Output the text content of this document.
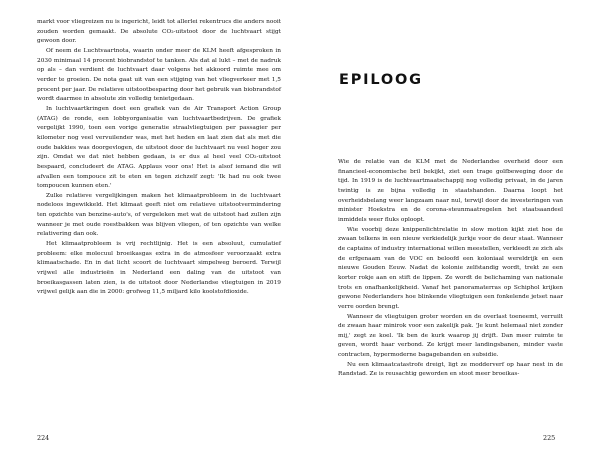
markt voor vliegreizen nu is ingericht, leidt tot allerlei rekentrucs die anders nooit zouden worden gemaakt. De absolute CO₂-uitstoot door de luchtvaart stijgt gewoon door.

Of neem de Luchtvaartnota, waarin onder meer de KLM heeft afgesproken in 2030 minimaal 14 procent biobrandstof te tanken. Als dat al lukt – met de nadruk op als – dan verdient de luchtvaart daar volgens het akkoord ruimte mee om verder te groeien. De nota gaat uit van een stijging van het vliegverkeer met 1,5 procent per jaar. De relatieve uitstootbesparing door het gebruik van biobrandstof wordt daarmee in absolute zin volledig tenietgedaan.

In luchtvaartkringen doet een grafiek van de Air Transport Action Group (ATAG) de ronde, een lobbyorganisatie van luchtvaartbedrijven. De grafiek vergelijkt 1990, toen een vorige generatie straalvliegtuigen per passagier per kilometer nog veel vervuilender was, met het heden en laat zien dat als met die oude bakkies was doorgevlogen, de uitstoot door de luchtvaart nu veel hoger zou zijn. Omdat we dat niet hebben gedaan, is er dus al heel veel CO₂-uitstoot bespaard, concludeert de ATAG. Applaus voor ons! Het is alsof iemand die wil afvallen een tompouce zit te eten en tegen zichzelf zegt: 'Ik had nu ook twee tompoucen kunnen eten.'

Zulke relatieve vergelijkingen maken het klimaatprobleem in de luchtvaart nodeloos ingewikkeld. Het klimaat geeft niet om relatieve uitstootvermindering ten opzichte van benzine-auto's, of vergeleken met wat de uitstoot had zullen zijn wanneer je met oude roestbakken was blijven vliegen, of ten opzichte van welke relativering dan ook.

Het klimaatprobleem is vrij rechtlijnig. Het is een absoluut, cumulatief probleem: elke molecuul broeikasgas extra in de atmosfeer veroorzaakt extra klimaatschade. En in dat licht scoort de luchtvaart simpelweg beroerd. Terwijl vrijwel alle industrieën in Nederland een daling van de uitstoot van broeikasgassen laten zien, is de uitstoot door Nederlandse vliegtuigen in 2019 vrijwel gelijk aan die in 2000: grofweg 11,5 miljard kilo koolstofdioxide.

224
EPILOOG

Wie de relatie van de KLM met de Nederlandse overheid door een financieel-economische bril bekijkt, ziet een trage golfbeweging door de tijd. In 1919 is de luchtvaartmaatschappij nog volledig privaat, in de jaren twintig is ze bijna volledig in staatshanden. Daarna loopt het overheidsbelang weer langzaam naar nul, terwijl door de investeringen van minister Hoekstra en de corona-steunmaatregelen het staatsaandeel inmiddels weer fluks oploopt.

Wie voorbij deze knippenlichtrelatie in slow motion kijkt ziet hoe de zwaan telkens in een nieuw verkiedelijk jurkje voor de deur staat. Wanneer de captains of industry international willen meestellen, verkleedt ze zich als de erfgenaam van de VOC en beloofd een koloniaal wereldrijk en een nieuwe Gouden Eeuw. Nadat de kolonie zelfstandig wordt, trekt ze een korter rokje aan en stift de lippen. Ze wordt de belichaming van nationale trots en onafhankelijkheid. Vanaf het panoramaterras op Schiphol krijken gewone Nederlanders hoe blinkende vliegtuigen een fonkelende jetset naar verre oorden brengt.

Wanneer de vliegtuigen groter worden en de overlast toeneemt, verruilt de zwaan haar minirok voor een zakelijk pak. 'Je kunt helemaal niet zonder mij,' zegt ze koel. 'Ik ben de kurk waarop jij drijft. Dan meer ruimte te geven, wordt haar verbond. Ze krijgt meer landingsbanen, minder vaste contracten, hypermoderne bagagebanden en subsidie.

Nu een klimaatcatastrofe dreigt, ligt ze modderverf op haar nest in de Randstad. Ze is reusachtig geworden en stoot meer broeikas-

225
